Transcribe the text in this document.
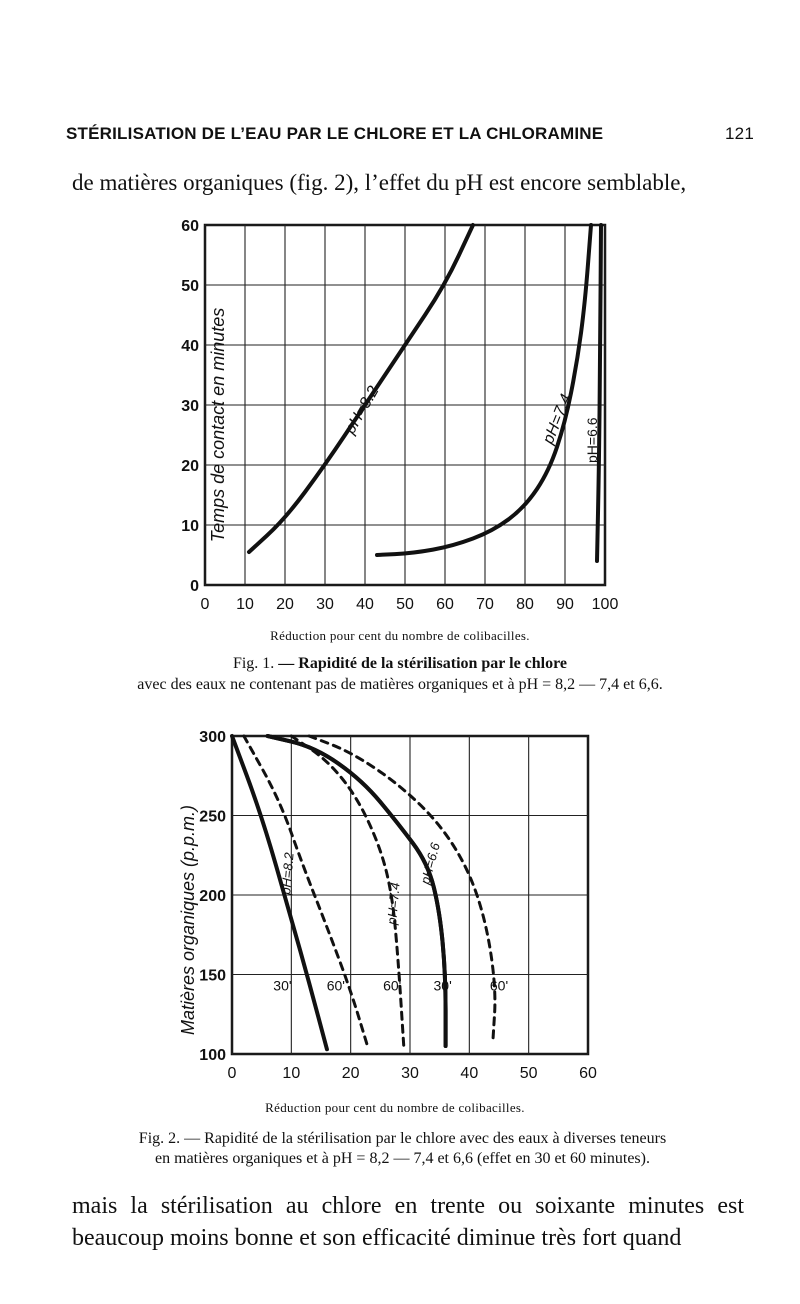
STÉRILISATION DE L’EAU PAR LE CHLORE ET LA CHLORAMINE	121
de matières organiques (fig. 2), l’effet du pH est encore semblable,
0 10 20 30 40 50 60 70 80 90 100
0
10
20
30
40
50
60
Temps de contact en minutes	pH=8.2	pH=7.4 pH=6.6
Réduction pour cent du nombre de colibacilles.
Fig. 1. — Rapidité de la stérilisation par le chlore
avec des eaux ne contenant pas de matières organiques et à pH = 8,2 — 7,4 et 6,6.
0	10	20	30	40	50	60
100
150
200
250
300
Matières organiques (p.p.m.)	pH=8.2
pH=7.4
pH=6.6
30'	60'	60' 30'	60'
Réduction pour cent du nombre de colibacilles.
Fig. 2. — Rapidité de la stérilisation par le chlore avec des eaux à diverses teneurs
en matières organiques et à pH = 8,2 — 7,4 et 6,6 (effet en 30 et 60 minutes).
mais la stérilisation au chlore en trente ou soixante minutes est beaucoup moins bonne et son efficacité diminue très fort quand
